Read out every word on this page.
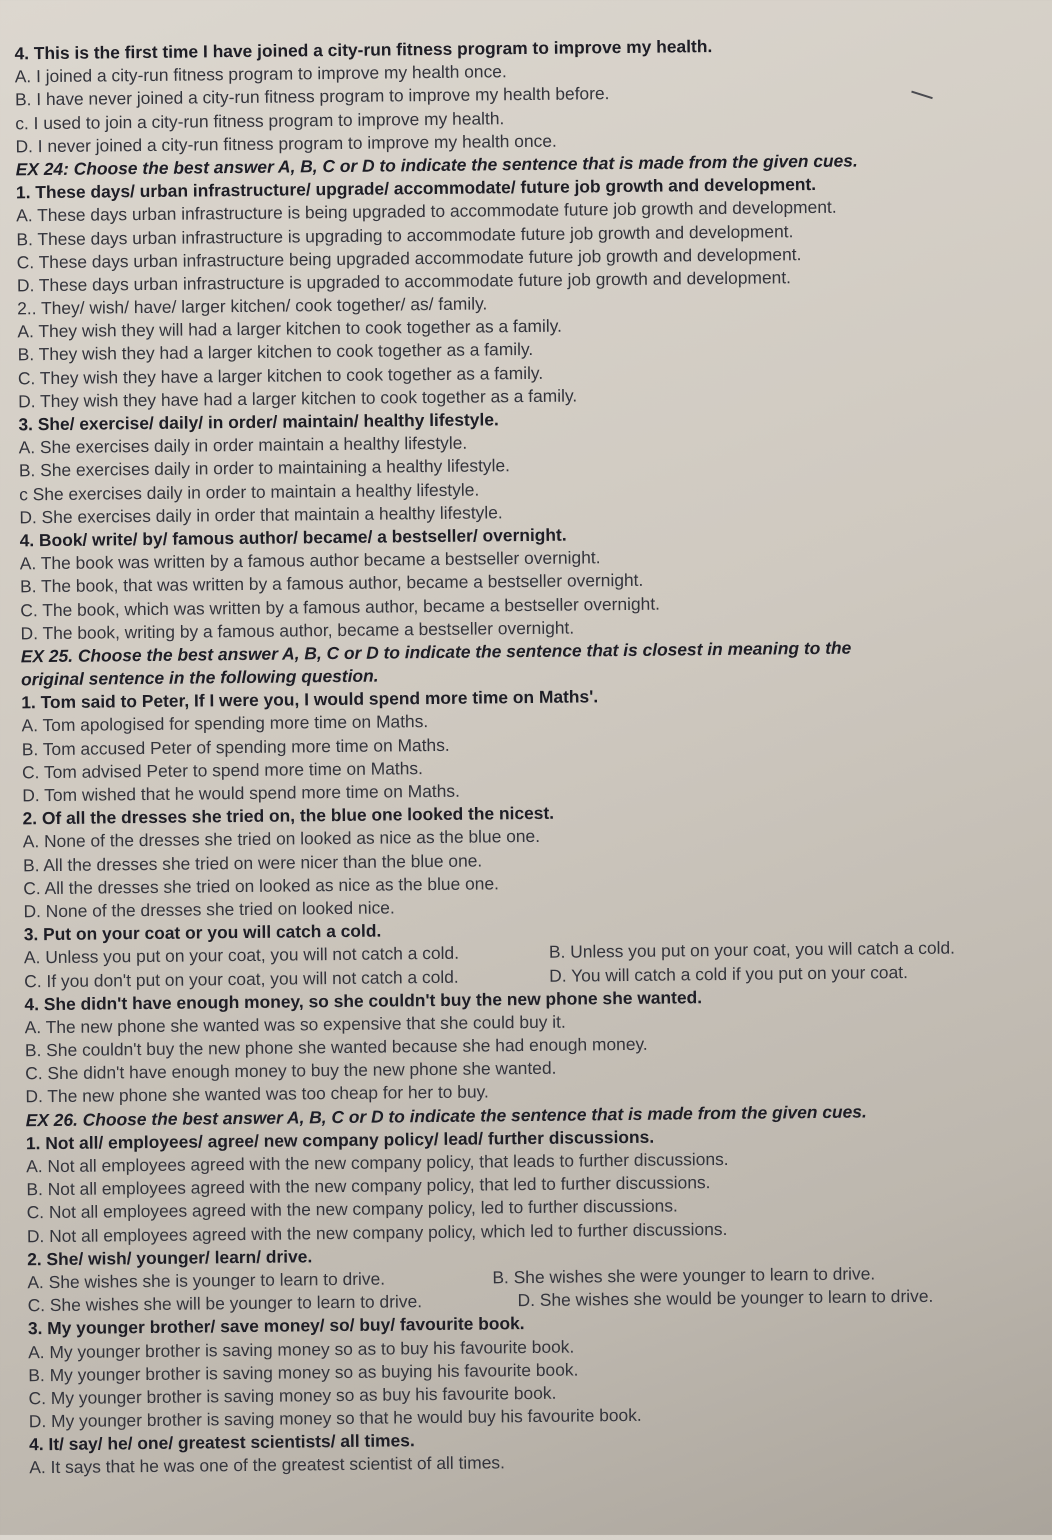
4. This is the first time I have joined a city-run fitness program to improve my health.
A. I joined a city-run fitness program to improve my health once.
B. I have never joined a city-run fitness program to improve my health before.
c. I used to join a city-run fitness program to improve my health.
D. I never joined a city-run fitness program to improve my health once.
EX 24: Choose the best answer A, B, C or D to indicate the sentence that is made from the given cues.
1. These days/ urban infrastructure/ upgrade/ accommodate/ future job growth and development.
A. These days urban infrastructure is being upgraded to accommodate future job growth and development.
B. These days urban infrastructure is upgrading to accommodate future job growth and development.
C. These days urban infrastructure being upgraded accommodate future job growth and development.
D. These days urban infrastructure is upgraded to accommodate future job growth and development.
2.. They/ wish/ have/ larger kitchen/ cook together/ as/ family.
A. They wish they will had a larger kitchen to cook together as a family.
B. They wish they had a larger kitchen to cook together as a family.
C. They wish they have a larger kitchen to cook together as a family.
D. They wish they have had a larger kitchen to cook together as a family.
3. She/ exercise/ daily/ in order/ maintain/ healthy lifestyle.
A. She exercises daily in order maintain a healthy lifestyle.
B. She exercises daily in order to maintaining a healthy lifestyle.
c She exercises daily in order to maintain a healthy lifestyle.
D. She exercises daily in order that maintain a healthy lifestyle.
4. Book/ write/ by/ famous author/ became/ a bestseller/ overnight.
A. The book was written by a famous author became a bestseller overnight.
B. The book, that was written by a famous author, became a bestseller overnight.
C. The book, which was written by a famous author, became a bestseller overnight.
D. The book, writing by a famous author, became a bestseller overnight.
EX 25. Choose the best answer A, B, C or D to indicate the sentence that is closest in meaning to the
original sentence in the following question.
1. Tom said to Peter, If I were you, I would spend more time on Maths'.
A. Tom apologised for spending more time on Maths.
B. Tom accused Peter of spending more time on Maths.
C. Tom advised Peter to spend more time on Maths.
D. Tom wished that he would spend more time on Maths.
2. Of all the dresses she tried on, the blue one looked the nicest.
A. None of the dresses she tried on looked as nice as the blue one.
B. All the dresses she tried on were nicer than the blue one.
C. All the dresses she tried on looked as nice as the blue one.
D. None of the dresses she tried on looked nice.
3. Put on your coat or you will catch a cold.
A. Unless you put on your coat, you will not catch a cold.	B. Unless you put on your coat, you will catch a cold.
C. If you don't put on your coat, you will not catch a cold.	D. You will catch a cold if you put on your coat.
4. She didn't have enough money, so she couldn't buy the new phone she wanted.
A. The new phone she wanted was so expensive that she could buy it.
B. She couldn't buy the new phone she wanted because she had enough money.
C. She didn't have enough money to buy the new phone she wanted.
D. The new phone she wanted was too cheap for her to buy.
EX 26. Choose the best answer A, B, C or D to indicate the sentence that is made from the given cues.
1. Not all/ employees/ agree/ new company policy/ lead/ further discussions.
A. Not all employees agreed with the new company policy, that leads to further discussions.
B. Not all employees agreed with the new company policy, that led to further discussions.
C. Not all employees agreed with the new company policy, led to further discussions.
D. Not all employees agreed with the new company policy, which led to further discussions.
2. She/ wish/ younger/ learn/ drive.
A. She wishes she is younger to learn to drive.	B. She wishes she were younger to learn to drive.
C. She wishes she will be younger to learn to drive.	D. She wishes she would be younger to learn to drive.
3. My younger brother/ save money/ so/ buy/ favourite book.
A. My younger brother is saving money so as to buy his favourite book.
B. My younger brother is saving money so as buying his favourite book.
C. My younger brother is saving money so as buy his favourite book.
D. My younger brother is saving money so that he would buy his favourite book.
4. It/ say/ he/ one/ greatest scientists/ all times.
A. It says that he was one of the greatest scientist of all times.
